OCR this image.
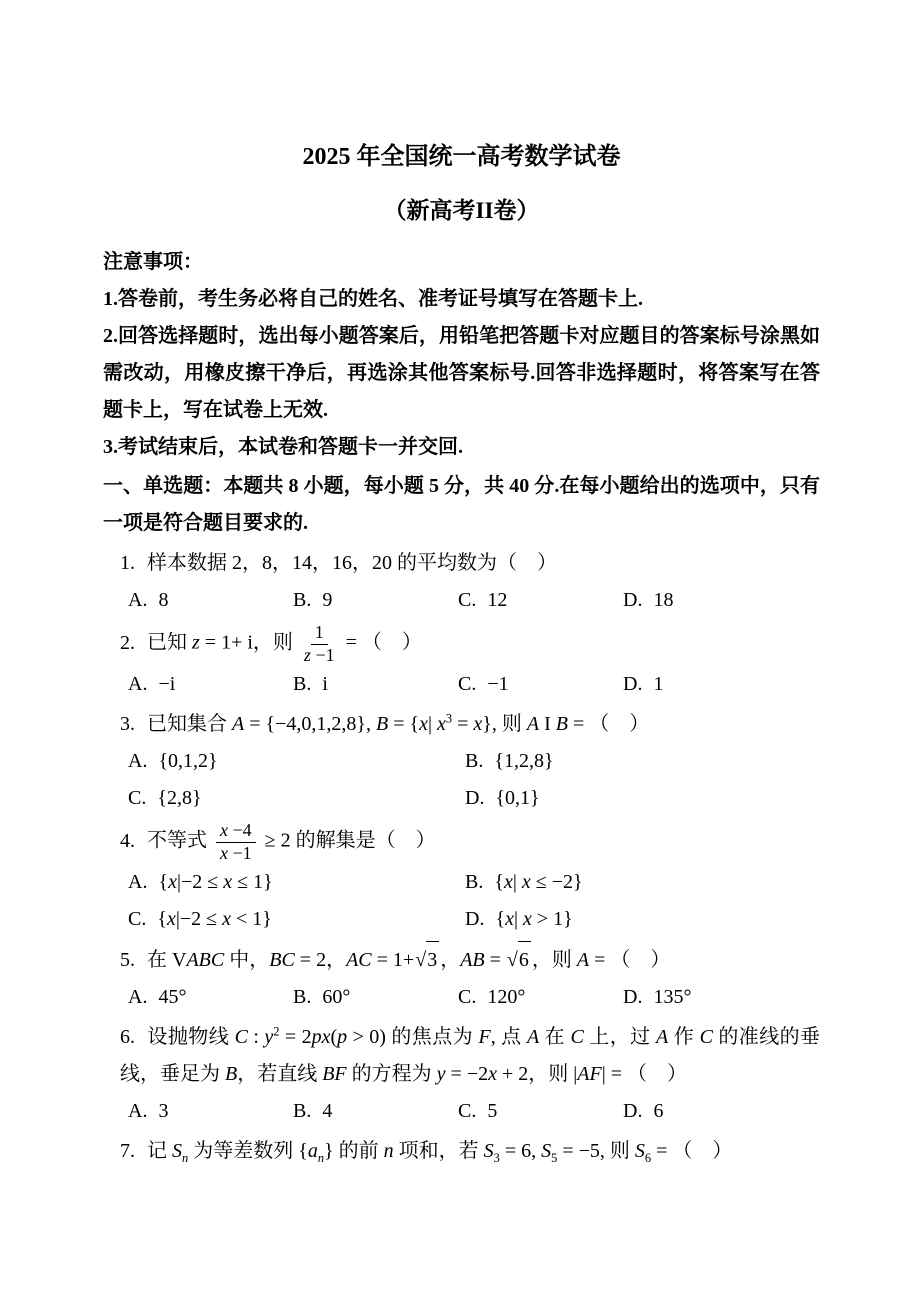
2025 年全国统一高考数学试卷
（新高考II卷）
注意事项：
1.答卷前，考生务必将自己的姓名、准考证号填写在答题卡上.
2.回答选择题时，选出每小题答案后，用铅笔把答题卡对应题目的答案标号涂黑如需改动，用橡皮擦干净后，再选涂其他答案标号.回答非选择题时，将答案写在答题卡上，写在试卷上无效.
3.考试结束后，本试卷和答题卡一并交回.
一、单选题：本题共 8 小题，每小题 5 分，共 40 分.在每小题给出的选项中，只有一项是符合题目要求的.
1. 样本数据 2，8，14，16，20 的平均数为（　）
A. 8	B. 9	C. 12	D. 18
2. 已知 z = 1+ i，则 $\frac{1}{z -1}$ = （　）
A. −i	B. i	C. −1	D. 1
3. 已知集合 A = {−4,0,1,2,8}, B = {x| $x^3 = x$}, 则 A I B = （　）
A. {0,1,2}	B. {1,2,8}
C. {2,8}	D. {0,1}
4. 不等式 $\frac{x -4}{x -1} \ge 2$ 的解集是（　）
A. {x|−2 ≤ x ≤ 1}	B. {x| x ≤ −2}
C. {x|−2 ≤ x < 1}	D. {x| x > 1}
5. 在 VABC 中，BC = 2，AC = 1+√3 ，AB = √6 ，则 A = （　）
A. 45°	B. 60°	C. 120°	D. 135°
6. 设抛物线 C : $y^2 = 2px(p > 0)$ 的焦点为 F, 点 A 在 C 上，过 A 作 C 的准线的垂线，垂足为 B，若直线 BF 的方程为 y = −2x + 2，则 |AF| = （　）
A. 3	B. 4	C. 5	D. 6
7. 记 $S_n$ 为等差数列 $\{a_n\}$ 的前 n 项和，若 $S_3 = 6$, $S_5 = -5$, 则 $S_6$ = （　）
